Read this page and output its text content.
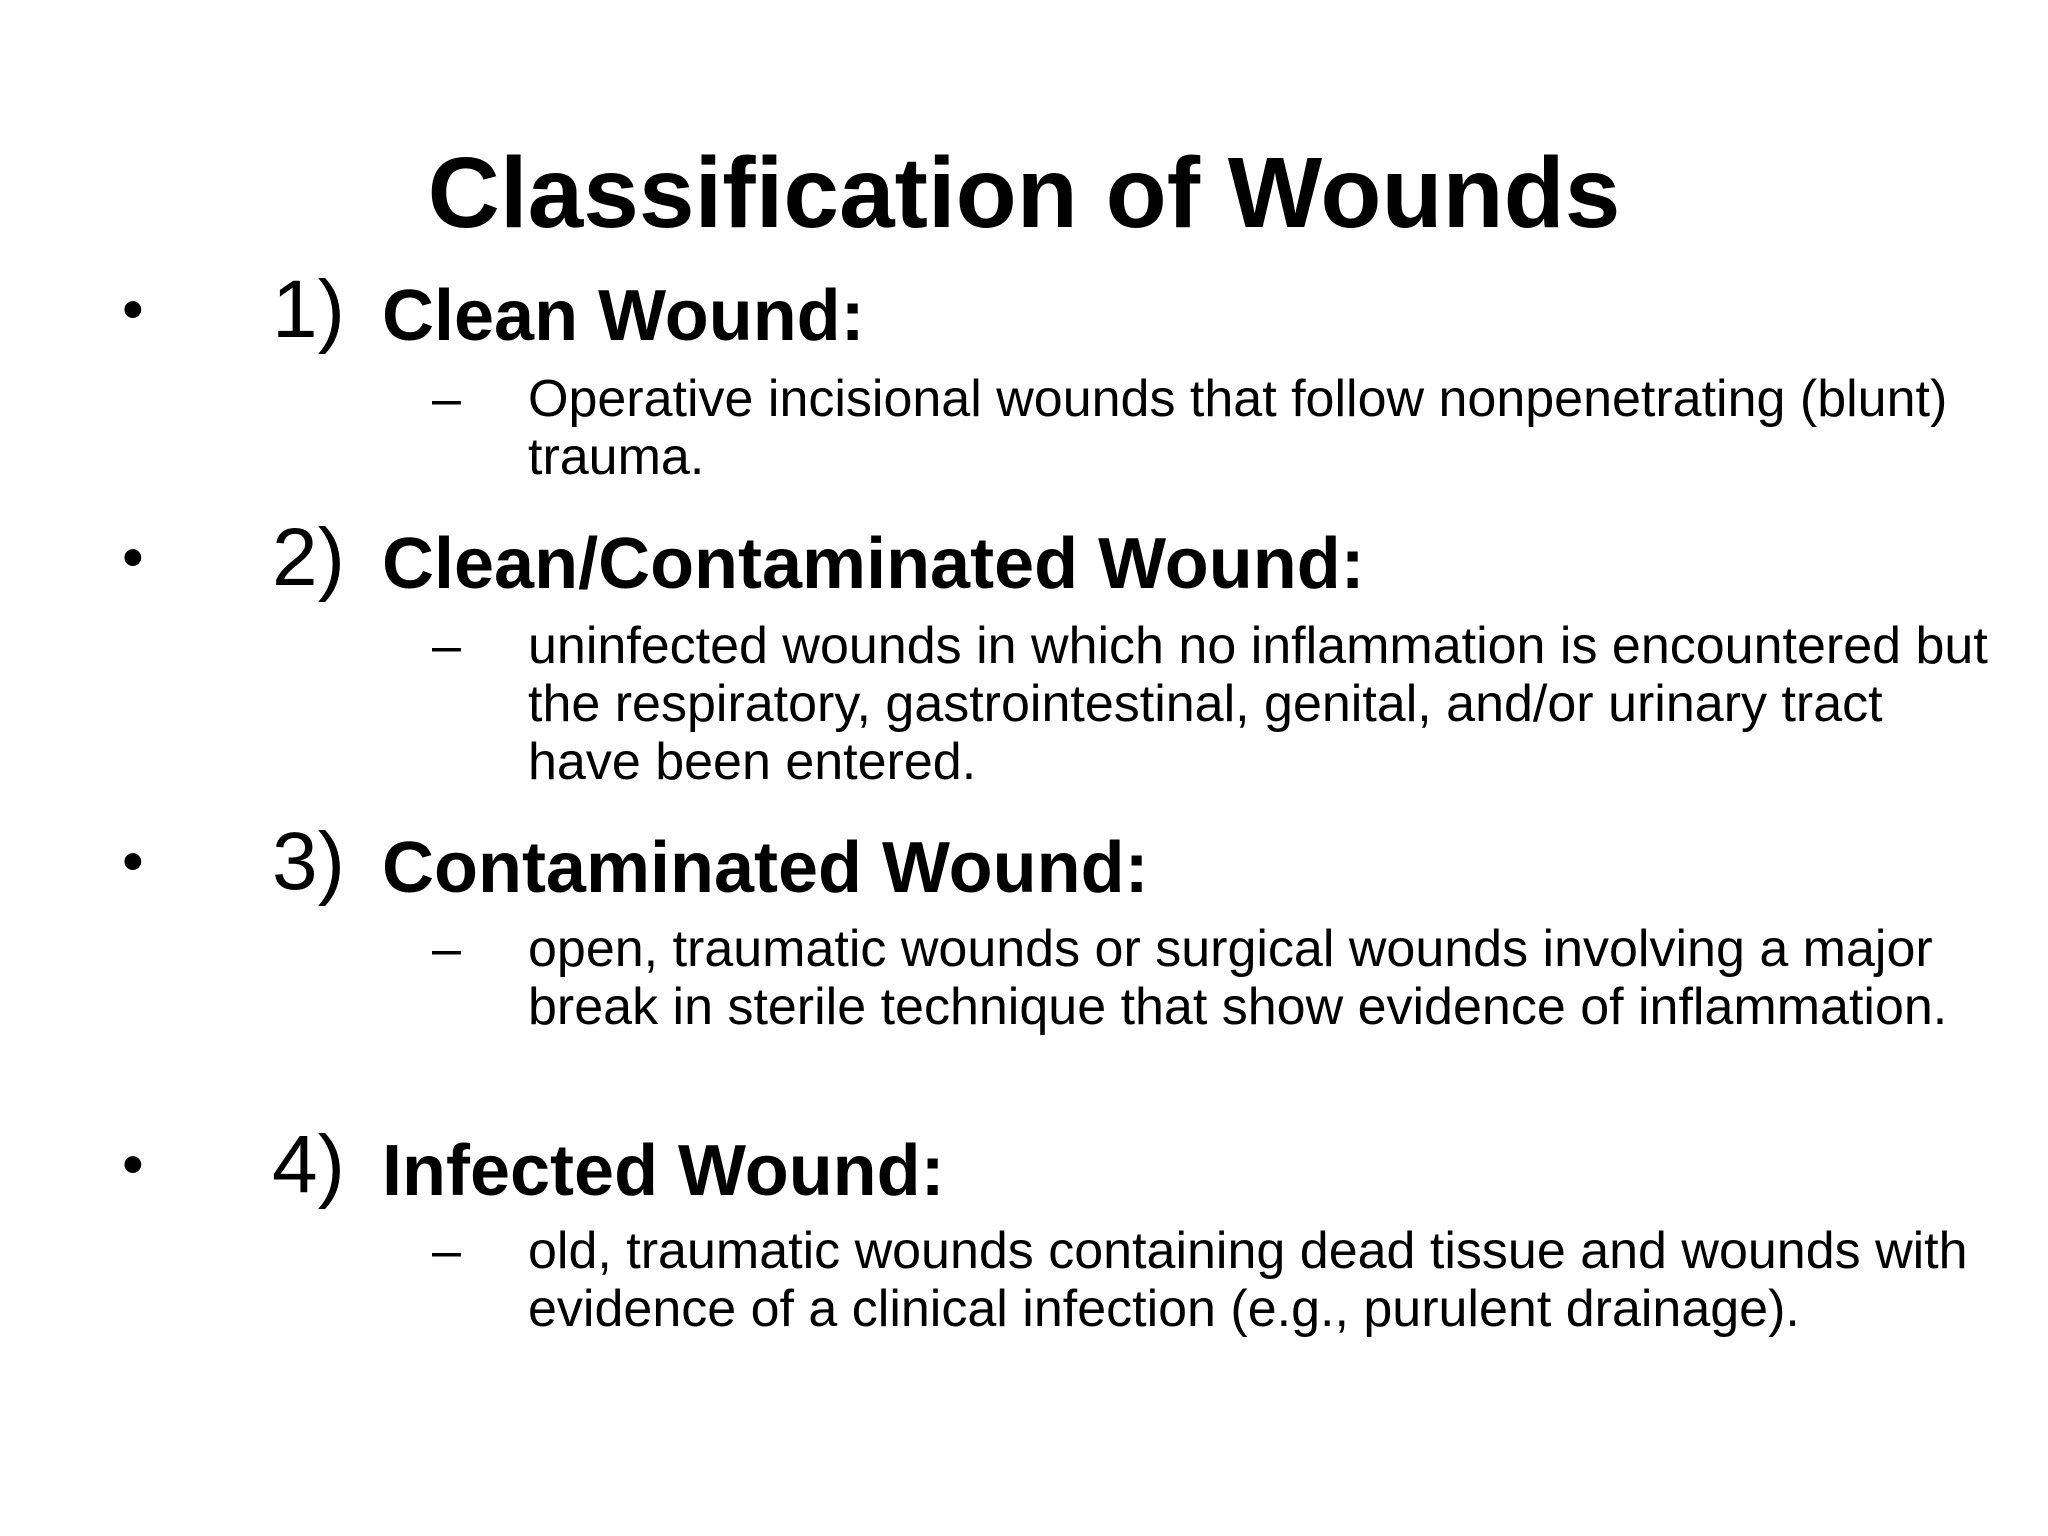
Classification of Wounds
• 1) Clean Wound:
– Operative incisional wounds that follow nonpenetrating (blunt) trauma.

• 2) Clean/Contaminated Wound:
– uninfected wounds in which no inflammation is encountered but the respiratory, gastrointestinal, genital, and/or urinary tract have been entered.

• 3) Contaminated Wound:
– open, traumatic wounds or surgical wounds involving a major break in sterile technique that show evidence of inflammation.

• 4) Infected Wound:
– old, traumatic wounds containing dead tissue and wounds with evidence of a clinical infection (e.g., purulent drainage).
